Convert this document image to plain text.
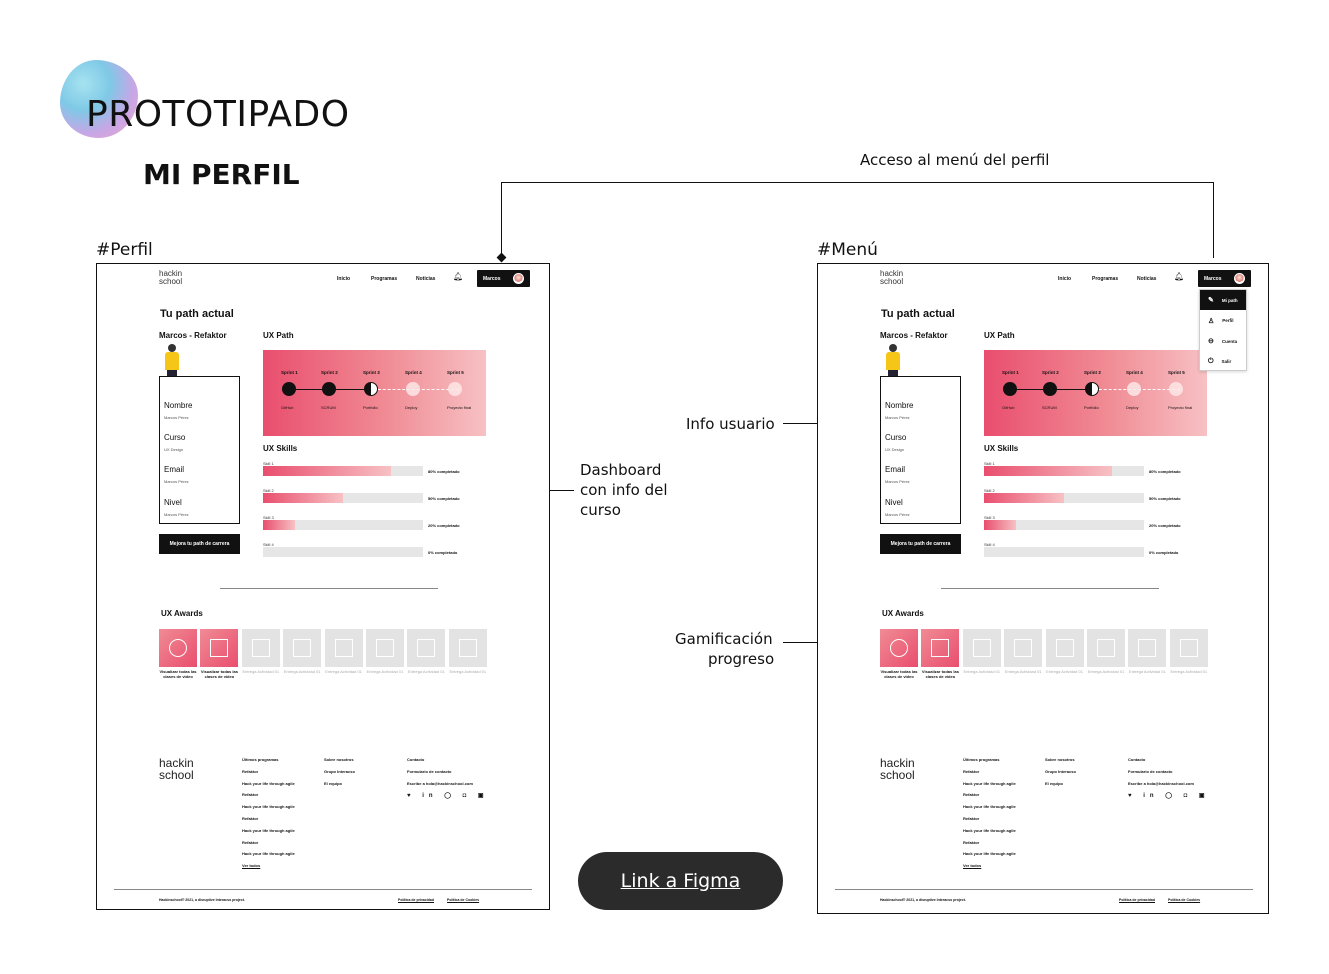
PROTOTIPADO
MI PERFIL
#Perfil	#Menú
Acceso al menú del perfil
Info usuario
Dashboard
con info del
curso
Gamificación
progreso
Link a Figma
hackin
school	Inicio	Programas	Noticias 🔔︎	Marcos
Tu path actual
Marcos - Refaktor	UX Path
Nombre
Marcos Pérez
Curso
UX Design
Email
Marcos Pérez
Nivel
Marcos Pérez
Mejora tu path de carrera
Sprint 1
GitHub
Sprint 2
SCRUM
Sprint 3
Portfolio
Sprint 4
Deploy
Sprint 5
Proyecto final
UX Skills
UX Awards
hackin
school
Últimos programas
Refaktor
Hack your life through agile
Refaktor
Hack your life through agile
Refaktor
Hack your life through agile
Refaktor
Hack your life through agile
Ver todos
Sobre nosotros
Grupo Interacso
El equipo
Contacto
Formulario de contacto
Escribe a hola@hackinschool.com
♥ in ◯ ◘ ▣
Hackinschool® 2021, a disruptive Interacso project.	Política de privacidad	Política de Cookies
Skill 1
80% completado
Skill 2
50% completado
Skill 3
20% completado
Skill 4
0% completado
Visualizar todas las clases de video
Visualizar todas las clases de video
Entrega Actividad 01	Entrega Actividad 01	Entrega Actividad 01	Entrega Actividad 01	Entrega Actividad 01	Entrega Actividad 01
hackin
school	Inicio	Programas	Noticias 🔔︎	Marcos
Tu path actual
Marcos - Refaktor	UX Path
Nombre
Marcos Pérez
Curso
UX Design
Email
Marcos Pérez
Nivel
Marcos Pérez
Mejora tu path de carrera
Sprint 1
GitHub
Sprint 2
SCRUM
Sprint 3
Portfolio
Sprint 4
Deploy
Sprint 5
Proyecto final
UX Skills
UX Awards
hackin
school
Últimos programas
Refaktor
Hack your life through agile
Refaktor
Hack your life through agile
Refaktor
Hack your life through agile
Refaktor
Hack your life through agile
Ver todos
Sobre nosotros
Grupo Interacso
El equipo
Contacto
Formulario de contacto
Escribe a hola@hackinschool.com
♥ in ◯ ◘ ▣
Hackinschool® 2021, a disruptive Interacso project.	Política de privacidad	Política de Cookies
Skill 1
80% completado
Skill 2
50% completado
Skill 3
20% completado
Skill 4
0% completado
Visualizar todas las clases de video
Visualizar todas las clases de video
Entrega Actividad 01	Entrega Actividad 01	Entrega Actividad 01	Entrega Actividad 01	Entrega Actividad 01	Entrega Actividad 01
✎ Mi path
♙ Perfil
⊖ Cuenta
⏻ Salir
